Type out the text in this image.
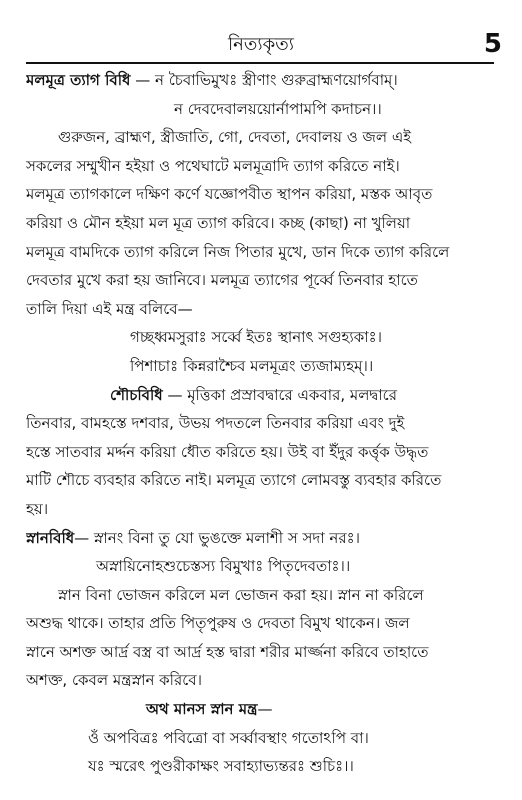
নিত্যকৃত্য	5
মলমূত্র ত্যাগ বিধি — ন চৈবাভিমুখঃ স্ত্রীণাং গুরুব্রাহ্মণয়োর্গবাম্।
ন দেবদেবালয়য়োর্নাপামপি কদাচন।।
গুরুজন, ব্রাহ্মণ, স্ত্রীজাতি, গো, দেবতা, দেবালয় ও জল এই
সকলের সম্মুখীন হইয়া ও পথেঘাটে মলমূত্রাদি ত্যাগ করিতে নাই।
মলমূত্র ত্যাগকালে দক্ষিণ কর্ণে যজ্ঞোপবীত স্থাপন করিয়া, মস্তক আবৃত
করিয়া ও মৌন হইয়া মল মূত্র ত্যাগ করিবে। কচ্ছ (কাছা) না খুলিয়া
মলমূত্র বামদিকে ত্যাগ করিলে নিজ পিতার মুখে, ডান দিকে ত্যাগ করিলে
দেবতার মুখে করা হয় জানিবে। মলমূত্র ত্যাগের পূর্ব্বে তিনবার হাতে
তালি দিয়া এই মন্ত্র বলিবে—
গচ্ছধ্বমসুরাঃ সর্ব্বে ইতঃ স্থানাৎ সগুহ্যকাঃ।
পিশাচাঃ কিন্নরাশ্চৈব মলমূত্রং ত্যজাম্যহম্।।
শৌচবিধি — মৃত্তিকা প্রস্রাবদ্বারে একবার, মলদ্বারে
তিনবার, বামহস্তে দশবার, উভয় পদতলে তিনবার করিয়া এবং দুই
হস্তে সাতবার মর্দ্দন করিয়া ধৌত করিতে হয়। উই বা ইঁদুর কর্ত্তৃক উদ্ধৃত
মাটি শৌচে ব্যবহার করিতে নাই। মলমূত্র ত্যাগে লোমবস্তু ব্যবহার করিতে
হয়।
স্নানবিধি— স্নানং বিনা তু যো ভুঙক্তে মলাশী স সদা নরঃ।
অস্নায়িনোহশুচেস্তস্য বিমুখাঃ পিতৃদেবতাঃ।।
স্নান বিনা ভোজন করিলে মল ভোজন করা হয়। স্নান না করিলে
অশুদ্ধ থাকে। তাহার প্রতি পিতৃপুরুষ ও দেবতা বিমুখ থাকেন। জল
স্নানে অশক্ত আর্দ্র বস্ত্র বা আর্দ্র হস্ত দ্বারা শরীর মার্জ্জনা করিবে তাহাতে
অশক্ত, কেবল মন্ত্রস্নান করিবে।
অথ মানস স্নান মন্ত্র—
ওঁ অপবিত্রঃ পবিত্রো বা সর্ব্বাবস্থাং গতোঽপি বা।
যঃ স্মরেৎ পুণ্ডরীকাক্ষং সবাহ্যাভ্যন্তরঃ শুচিঃ।।
